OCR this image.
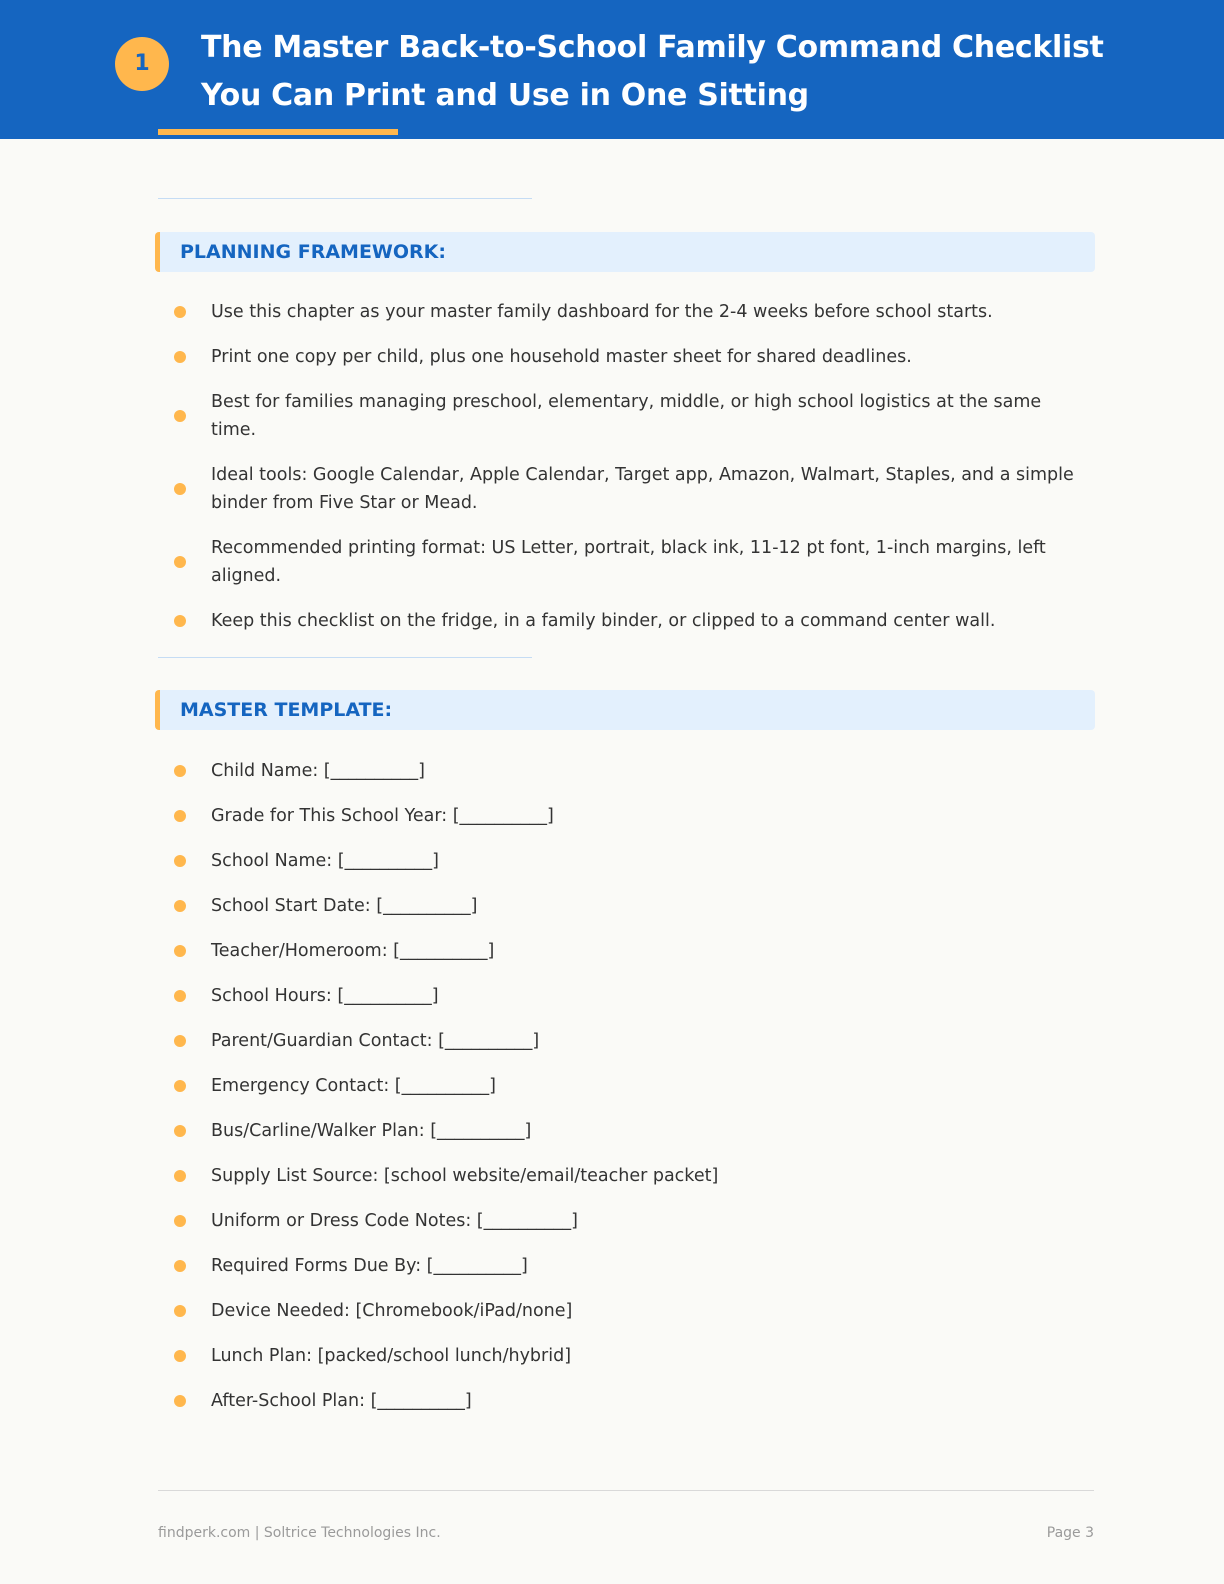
1	The Master Back-to-School Family Command Checklist You Can Print and Use in One Sitting
PLANNING FRAMEWORK:
Use this chapter as your master family dashboard for the 2-4 weeks before school starts.
Print one copy per child, plus one household master sheet for shared deadlines.
Best for families managing preschool, elementary, middle, or high school logistics at the same time.
Ideal tools: Google Calendar, Apple Calendar, Target app, Amazon, Walmart, Staples, and a simple binder from Five Star or Mead.
Recommended printing format: US Letter, portrait, black ink, 11-12 pt font, 1-inch margins, left aligned.
Keep this checklist on the fridge, in a family binder, or clipped to a command center wall.
MASTER TEMPLATE:
Child Name: [__________]
Grade for This School Year: [__________]
School Name: [__________]
School Start Date: [__________]
Teacher/Homeroom: [__________]
School Hours: [__________]
Parent/Guardian Contact: [__________]
Emergency Contact: [__________]
Bus/Carline/Walker Plan: [__________]
Supply List Source: [school website/email/teacher packet]
Uniform or Dress Code Notes: [__________]
Required Forms Due By: [__________]
Device Needed: [Chromebook/iPad/none]
Lunch Plan: [packed/school lunch/hybrid]
After-School Plan: [__________]
findperk.com | Soltrice Technologies Inc.	Page 3
